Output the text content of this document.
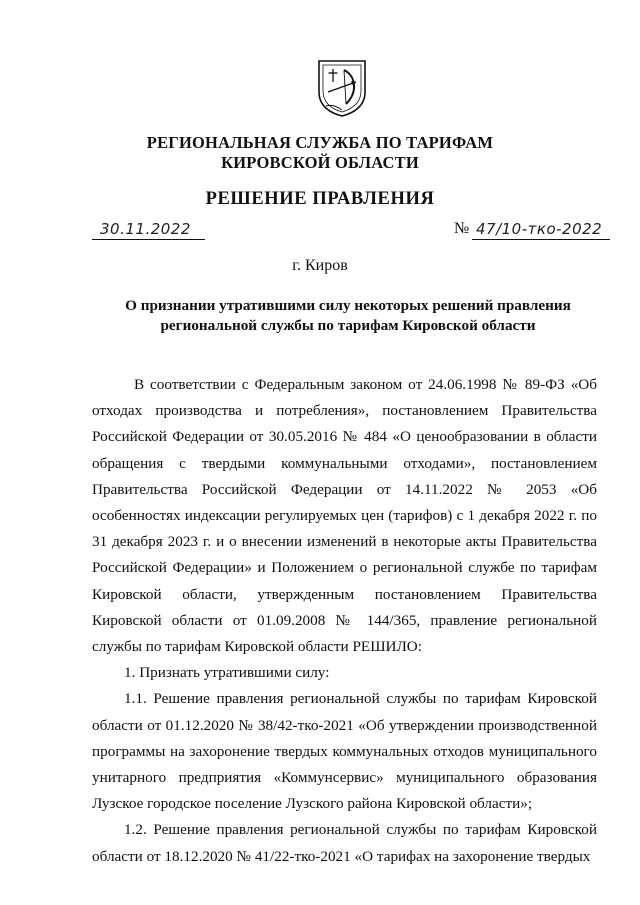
РЕГИОНАЛЬНАЯ СЛУЖБА ПО ТАРИФАМ
КИРОВСКОЙ ОБЛАСТИ
РЕШЕНИЕ ПРАВЛЕНИЯ
30.11.2022	№ 47/10-тко-2022
г. Киров
О признании утратившими силу некоторых решений правления
региональной службы по тарифам Кировской области

В соответствии с Федеральным законом от 24.06.1998 № 89-ФЗ «Об отходах производства и потребления», постановлением Правительства Российской Федерации от 30.05.2016 № 484 «О ценообразовании в области обращения с твердыми коммунальными отходами», постановлением Правительства Российской Федерации от 14.11.2022 № 2053 «Об особенностях индексации регулируемых цен (тарифов) с 1 декабря 2022 г. по 31 декабря 2023 г. и о внесении изменений в некоторые акты Правительства Российской Федерации» и Положением о региональной службе по тарифам Кировской области, утвержденным постановлением Правительства Кировской области от 01.09.2008 № 144/365, правление региональной службы по тарифам Кировской области РЕШИЛО:

1. Признать утратившими силу:

1.1. Решение правления региональной службы по тарифам Кировской области от 01.12.2020 № 38/42-тко-2021 «Об утверждении производственной программы на захоронение твердых коммунальных отходов муниципального унитарного предприятия «Коммунсервис» муниципального образования Лузское городское поселение Лузского района Кировской области»;

1.2. Решение правления региональной службы по тарифам Кировской области от 18.12.2020 № 41/22-тко-2021 «О тарифах на захоронение твердых
